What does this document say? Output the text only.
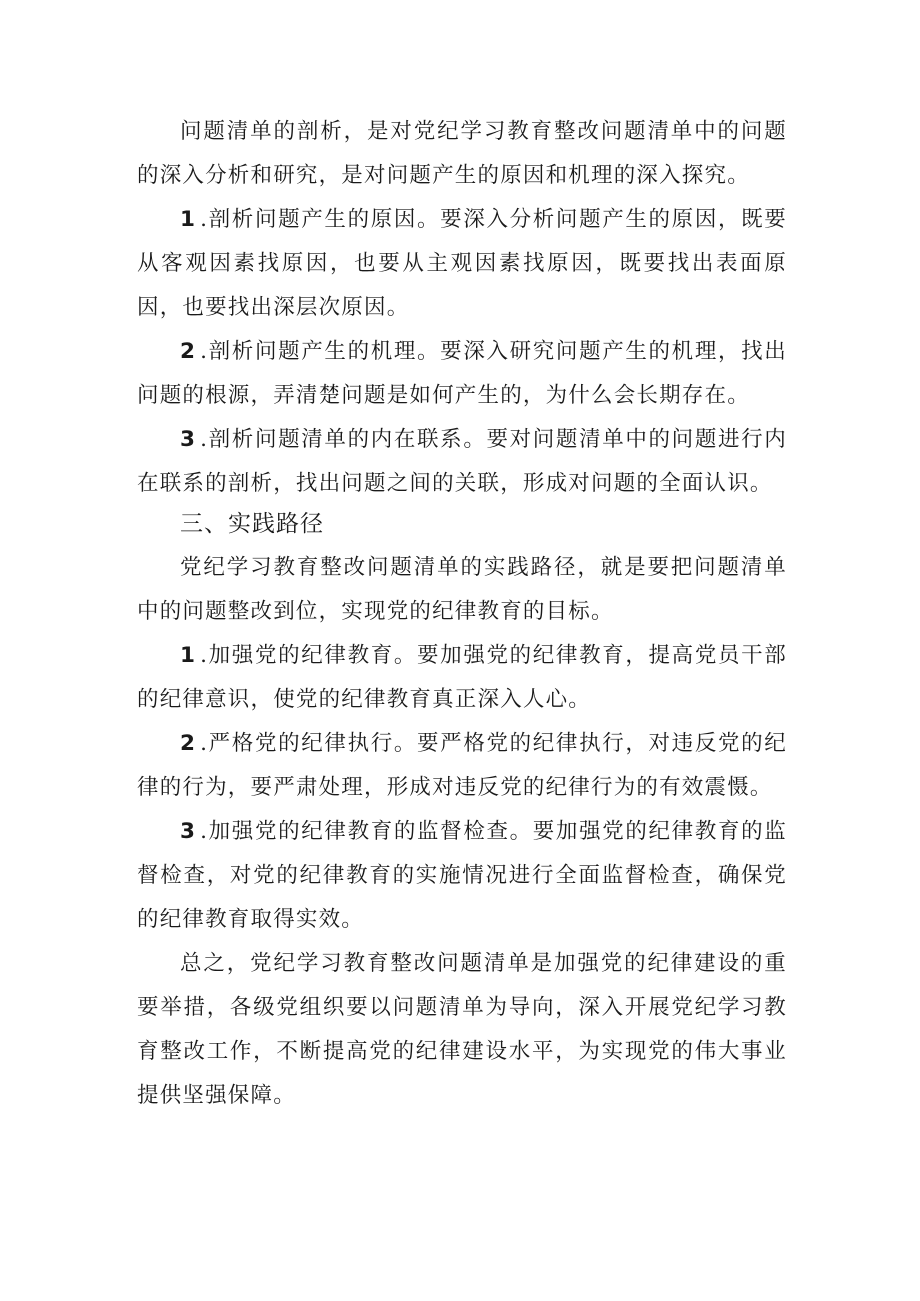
问题清单的剖析，是对党纪学习教育整改问题清单中的问题的深入分析和研究，是对问题产生的原因和机理的深入探究。

1 .剖析问题产生的原因。要深入分析问题产生的原因，既要从客观因素找原因，也要从主观因素找原因，既要找出表面原因，也要找出深层次原因。

2 .剖析问题产生的机理。要深入研究问题产生的机理，找出问题的根源，弄清楚问题是如何产生的，为什么会长期存在。

3 .剖析问题清单的内在联系。要对问题清单中的问题进行内在联系的剖析，找出问题之间的关联，形成对问题的全面认识。

三、实践路径

党纪学习教育整改问题清单的实践路径，就是要把问题清单中的问题整改到位，实现党的纪律教育的目标。

1 .加强党的纪律教育。要加强党的纪律教育，提高党员干部的纪律意识，使党的纪律教育真正深入人心。

2 .严格党的纪律执行。要严格党的纪律执行，对违反党的纪律的行为，要严肃处理，形成对违反党的纪律行为的有效震慑。

3 .加强党的纪律教育的监督检查。要加强党的纪律教育的监督检查，对党的纪律教育的实施情况进行全面监督检查，确保党的纪律教育取得实效。

总之，党纪学习教育整改问题清单是加强党的纪律建设的重要举措，各级党组织要以问题清单为导向，深入开展党纪学习教育整改工作，不断提高党的纪律建设水平，为实现党的伟大事业提供坚强保障。
